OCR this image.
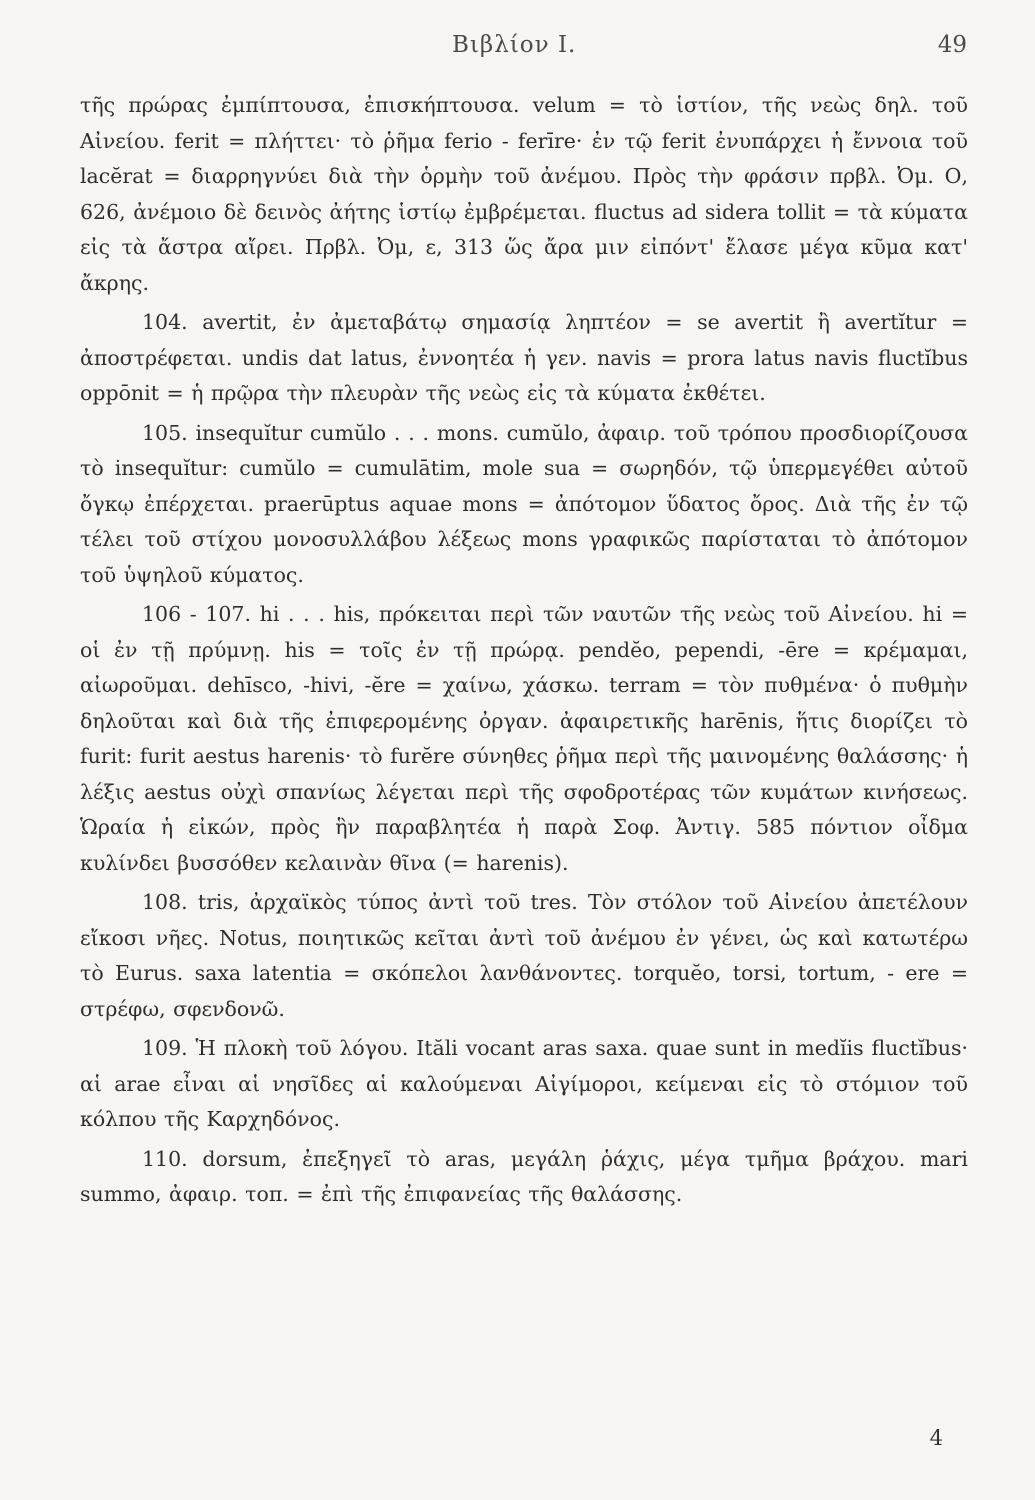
Βιβλίον Ι.	49

τῆς πρώρας ἐμπίπτουσα, ἐπισκήπτουσα. velum = τὸ ἱστίον, τῆς νεὼς δηλ. τοῦ Αἰνείου. ferit = πλήττει· τὸ ῥῆμα ferio - ferīre· ἐν τῷ ferit ἐνυπάρχει ἡ ἔννοια τοῦ lacĕrat = διαρρηγνύει διὰ τὴν ὁρμὴν τοῦ ἀνέμου. Πρὸς τὴν φράσιν πρβλ. Ὀμ. Ο, 626, ἀνέμοιο δὲ δεινὸς ἀήτης ἱστίῳ ἐμβρέμεται. fluctus ad sidera tollit = τὰ κύματα εἰς τὰ ἄστρα αἴρει. Πρβλ. Ὀμ, ε, 313 ὥς ἄρα μιν εἰπόντ' ἔλασε μέγα κῦμα κατ' ἄκρης.

104. avertit, ἐν ἀμεταβάτῳ σημασίᾳ ληπτέον = se avertit ἢ avertĭtur = ἀποστρέφεται. undis dat latus, ἐννοητέα ἡ γεν. navis = prora latus navis fluctĭbus oppōnit = ἡ πρῷρα τὴν πλευρὰν τῆς νεὼς εἰς τὰ κύματα ἐκθέτει.

105. insequĭtur cumŭlo . . . mons. cumŭlo, ἀφαιρ. τοῦ τρόπου προσδιορίζουσα τὸ insequĭtur: cumŭlo = cumulātim, mole sua = σωρηδόν, τῷ ὑπερμεγέθει αὐτοῦ ὄγκῳ ἐπέρχεται. praerūptus aquae mons = ἀπότομον ὕδατος ὄρος. Διὰ τῆς ἐν τῷ τέλει τοῦ στίχου μονοσυλλάβου λέξεως mons γραφικῶς παρίσταται τὸ ἀπότομον τοῦ ὑψηλοῦ κύματος.

106 - 107. hi . . . his, πρόκειται περὶ τῶν ναυτῶν τῆς νεὼς τοῦ Αἰνείου. hi = οἱ ἐν τῇ πρύμνῃ. his = τοῖς ἐν τῇ πρώρᾳ. pendĕo, pependi, -ēre = κρέμαμαι, αἰωροῦμαι. dehīsco, -hivi, -ĕre = χαίνω, χάσκω. terram = τὸν πυθμένα· ὁ πυθμὴν δηλοῦται καὶ διὰ τῆς ἐπιφερομένης ὀργαν. ἀφαιρετικῆς harēnis, ἥτις διορίζει τὸ furit: furit aestus harenis· τὸ furĕre σύνηθες ῥῆμα περὶ τῆς μαινομένης θαλάσσης· ἡ λέξις aestus οὐχὶ σπανίως λέγεται περὶ τῆς σφοδροτέρας τῶν κυμάτων κινήσεως. Ὡραία ἡ εἰκών, πρὸς ἣν παραβλητέα ἡ παρὰ Σοφ. Ἀντιγ. 585 πόντιον οἶδμα κυλίνδει βυσσόθεν κελαινὰν θῖνα (= harenis).

108. tris, ἀρχαϊκὸς τύπος ἀντὶ τοῦ tres. Τὸν στόλον τοῦ Αἰνείου ἀπετέλουν εἴκοσι νῆες. Notus, ποιητικῶς κεῖται ἀντὶ τοῦ ἀνέμου ἐν γένει, ὡς καὶ κατωτέρω τὸ Eurus. saxa latentia = σκόπελοι λανθάνοντες. torquĕo, torsi, tortum, - ere = στρέφω, σφενδονῶ.

109. Ἡ πλοκὴ τοῦ λόγου. Ităli vocant aras saxa. quae sunt in medĭis fluctĭbus· αἱ arae εἶναι αἱ νησῖδες αἱ καλούμεναι Αἰγίμοροι, κείμεναι εἰς τὸ στόμιον τοῦ κόλπου τῆς Καρχηδόνος.

110. dorsum, ἐπεξηγεῖ τὸ aras, μεγάλη ῥάχις, μέγα τμῆμα βράχου. mari summo, ἀφαιρ. τοπ. = ἐπὶ τῆς ἐπιφανείας τῆς θαλάσσης.

4
